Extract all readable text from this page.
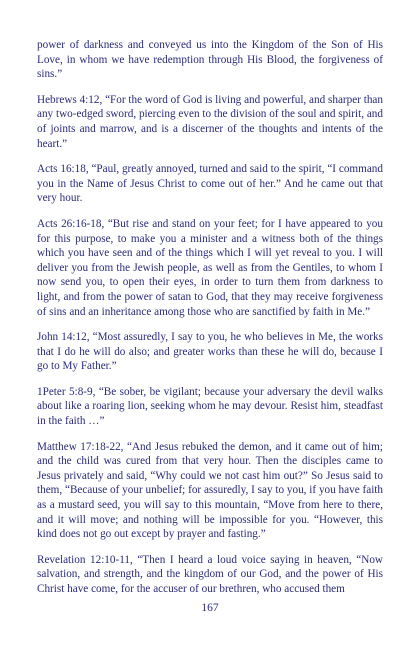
power of darkness and conveyed us into the Kingdom of the Son of His Love, in whom we have redemption through His Blood, the forgiveness of sins.”

Hebrews 4:12, “For the word of God is living and powerful, and sharper than any two-edged sword, piercing even to the division of the soul and spirit, and of joints and marrow, and is a discerner of the thoughts and intents of the heart.”

Acts 16:18, “Paul, greatly annoyed, turned and said to the spirit, “I command you in the Name of Jesus Christ to come out of her.” And he came out that very hour.

Acts 26:16-18, “But rise and stand on your feet; for I have appeared to you for this purpose, to make you a minister and a witness both of the things which you have seen and of the things which I will yet reveal to you. I will deliver you from the Jewish people, as well as from the Gentiles, to whom I now send you, to open their eyes, in order to turn them from darkness to light, and from the power of satan to God, that they may receive forgiveness of sins and an inheritance among those who are sanctified by faith in Me.”

John 14:12, “Most assuredly, I say to you, he who believes in Me, the works that I do he will do also; and greater works than these he will do, because I go to My Father.”

1Peter 5:8-9, “Be sober, be vigilant; because your adversary the devil walks about like a roaring lion, seeking whom he may devour. Resist him, steadfast in the faith …”

Matthew 17:18-22, “And Jesus rebuked the demon, and it came out of him; and the child was cured from that very hour. Then the disciples came to Jesus privately and said, “Why could we not cast him out?” So Jesus said to them, “Because of your unbelief; for assuredly, I say to you, if you have faith as a mustard seed, you will say to this mountain, “Move from here to there, and it will move; and nothing will be impossible for you. “However, this kind does not go out except by prayer and fasting.”

Revelation 12:10-11, “Then I heard a loud voice saying in heaven, “Now salvation, and strength, and the kingdom of our God, and the power of His Christ have come, for the accuser of our brethren, who accused them

167
